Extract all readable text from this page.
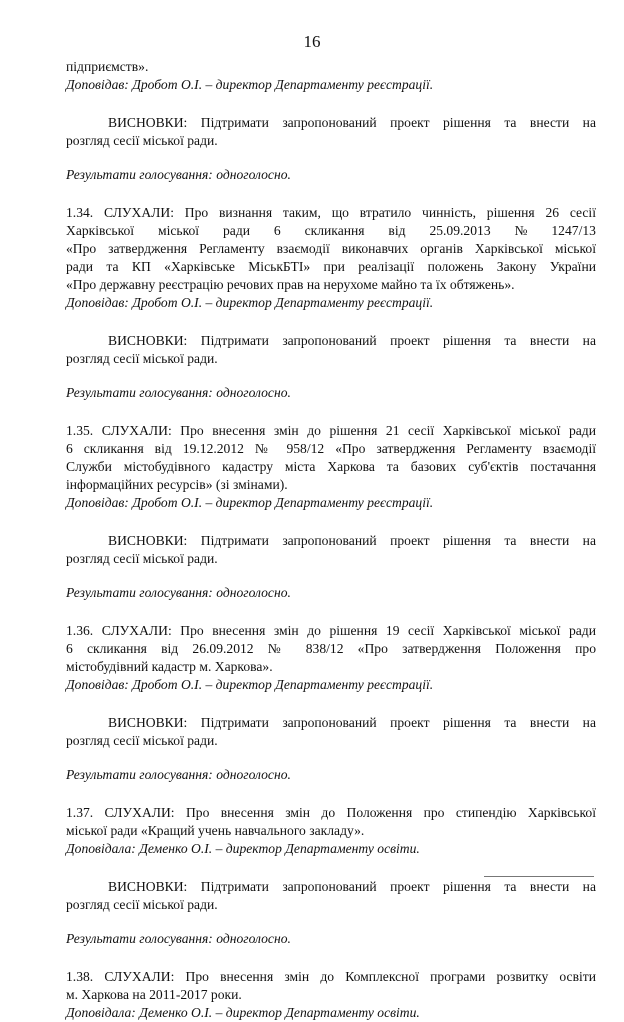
16

підприємств».

Доповідав: Дробот О.І. – директор Департаменту реєстрації.

ВИСНОВКИ: Підтримати запропонований проект рішення та внести на

розгляд сесії міської ради.

Результати голосування: одноголосно.

1.34. СЛУХАЛИ: Про визнання таким, що втратило чинність, рішення 26 сесії

Харківської міської ради 6 скликання від 25.09.2013 № 1247/13

«Про затвердження Регламенту взаємодії виконавчих органів Харківської міської

ради та КП «Харківське МіськБТІ» при реалізації положень Закону України

«Про державну реєстрацію речових прав на нерухоме майно та їх обтяжень».

Доповідав: Дробот О.І. – директор Департаменту реєстрації.

ВИСНОВКИ: Підтримати запропонований проект рішення та внести на

розгляд сесії міської ради.

Результати голосування: одноголосно.

1.35. СЛУХАЛИ: Про внесення змін до рішення 21 сесії Харківської міської ради

6 скликання від 19.12.2012 № 958/12 «Про затвердження Регламенту взаємодії

Служби містобудівного кадастру міста Харкова та базових суб'єктів постачання

інформаційних ресурсів» (зі змінами).

Доповідав: Дробот О.І. – директор Департаменту реєстрації.

ВИСНОВКИ: Підтримати запропонований проект рішення та внести на

розгляд сесії міської ради.

Результати голосування: одноголосно.

1.36. СЛУХАЛИ: Про внесення змін до рішення 19 сесії Харківської міської ради

6 скликання від 26.09.2012 № 838/12 «Про затвердження Положення про

містобудівний кадастр м. Харкова».

Доповідав: Дробот О.І. – директор Департаменту реєстрації.

ВИСНОВКИ: Підтримати запропонований проект рішення та внести на

розгляд сесії міської ради.

Результати голосування: одноголосно.

1.37. СЛУХАЛИ: Про внесення змін до Положення про стипендію Харківської

міської ради «Кращий учень навчального закладу».

Доповідала: Деменко О.І. – директор Департаменту освіти.

ВИСНОВКИ: Підтримати запропонований проект рішення та внести на

розгляд сесії міської ради.

Результати голосування: одноголосно.

1.38. СЛУХАЛИ: Про внесення змін до Комплексної програми розвитку освіти

м. Харкова на 2011-2017 роки.

Доповідала: Деменко О.І. – директор Департаменту освіти.
